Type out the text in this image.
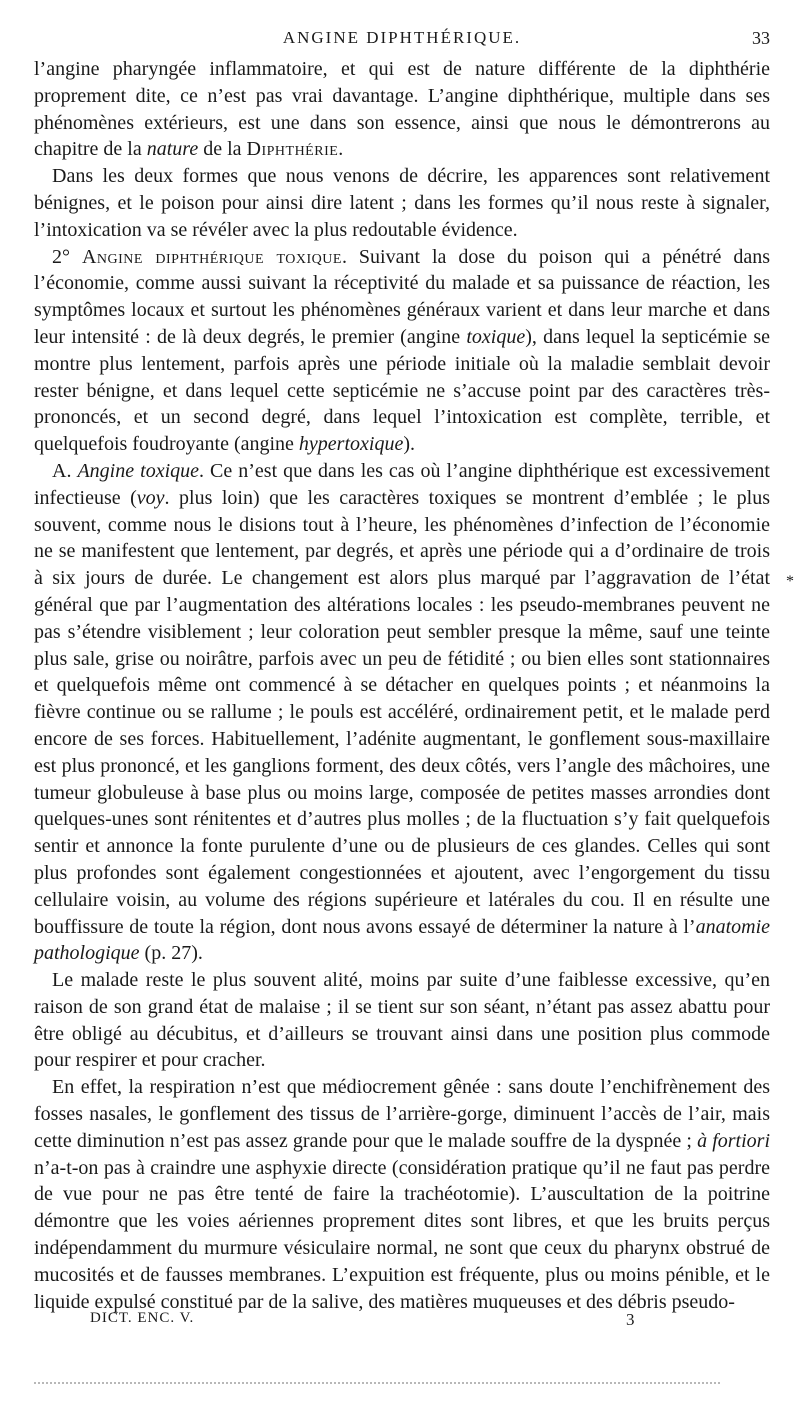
ANGINE DIPHTHÉRIQUE.	33

l’angine pharyngée inflammatoire, et qui est de nature différente de la diphthérie proprement dite, ce n’est pas vrai davantage. L’angine diphthérique, multiple dans ses phénomènes extérieurs, est une dans son essence, ainsi que nous le démontrerons au chapitre de la nature de la Diphthérie.

Dans les deux formes que nous venons de décrire, les apparences sont relativement bénignes, et le poison pour ainsi dire latent ; dans les formes qu’il nous reste à signaler, l’intoxication va se révéler avec la plus redoutable évidence.

2° Angine diphthérique toxique. Suivant la dose du poison qui a pénétré dans l’économie, comme aussi suivant la réceptivité du malade et sa puissance de réaction, les symptômes locaux et surtout les phénomènes généraux varient et dans leur marche et dans leur intensité : de là deux degrés, le premier (angine toxique), dans lequel la septicémie se montre plus lentement, parfois après une période initiale où la maladie semblait devoir rester bénigne, et dans lequel cette septicémie ne s’accuse point par des caractères très-prononcés, et un second degré, dans lequel l’intoxication est complète, terrible, et quelquefois foudroyante (angine hypertoxique).

A. Angine toxique. Ce n’est que dans les cas où l’angine diphthérique est excessivement infectieuse (voy. plus loin) que les caractères toxiques se montrent d’emblée ; le plus souvent, comme nous le disions tout à l’heure, les phénomènes d’infection de l’économie ne se manifestent que lentement, par degrés, et après une période qui a d’ordinaire de trois à six jours de durée. Le changement est alors plus marqué par l’aggravation de l’état général que par l’augmentation des altérations locales : les pseudo-membranes peuvent ne pas s’étendre visiblement ; leur coloration peut sembler presque la même, sauf une teinte plus sale, grise ou noirâtre, parfois avec un peu de fétidité ; ou bien elles sont stationnaires et quelquefois même ont commencé à se détacher en quelques points ; et néanmoins la fièvre continue ou se rallume ; le pouls est accéléré, ordinairement petit, et le malade perd encore de ses forces. Habituellement, l’adénite augmentant, le gonflement sous-maxillaire est plus prononcé, et les ganglions forment, des deux côtés, vers l’angle des mâchoires, une tumeur globuleuse à base plus ou moins large, composée de petites masses arrondies dont quelques-unes sont rénitentes et d’autres plus molles ; de la fluctuation s’y fait quelquefois sentir et annonce la fonte purulente d’une ou de plusieurs de ces glandes. Celles qui sont plus profondes sont également congestionnées et ajoutent, avec l’engorgement du tissu cellulaire voisin, au volume des régions supérieure et latérales du cou. Il en résulte une bouffissure de toute la région, dont nous avons essayé de déterminer la nature à l’anatomie pathologique (p. 27).

Le malade reste le plus souvent alité, moins par suite d’une faiblesse excessive, qu’en raison de son grand état de malaise ; il se tient sur son séant, n’étant pas assez abattu pour être obligé au décubitus, et d’ailleurs se trouvant ainsi dans une position plus commode pour respirer et pour cracher.

En effet, la respiration n’est que médiocrement gênée : sans doute l’enchifrènement des fosses nasales, le gonflement des tissus de l’arrière-gorge, diminuent l’accès de l’air, mais cette diminution n’est pas assez grande pour que le malade souffre de la dyspnée ; à fortiori n’a-t-on pas à craindre une asphyxie directe (considération pratique qu’il ne faut pas perdre de vue pour ne pas être tenté de faire la trachéotomie). L’auscultation de la poitrine démontre que les voies aériennes proprement dites sont libres, et que les bruits perçus indépendamment du murmure vésiculaire normal, ne sont que ceux du pharynx obstrué de mucosités et de fausses membranes. L’expuition est fréquente, plus ou moins pénible, et le liquide expulsé constitué par de la salive, des matières muqueuses et des débris pseudo-

*
DICT. ENC. V.	3
